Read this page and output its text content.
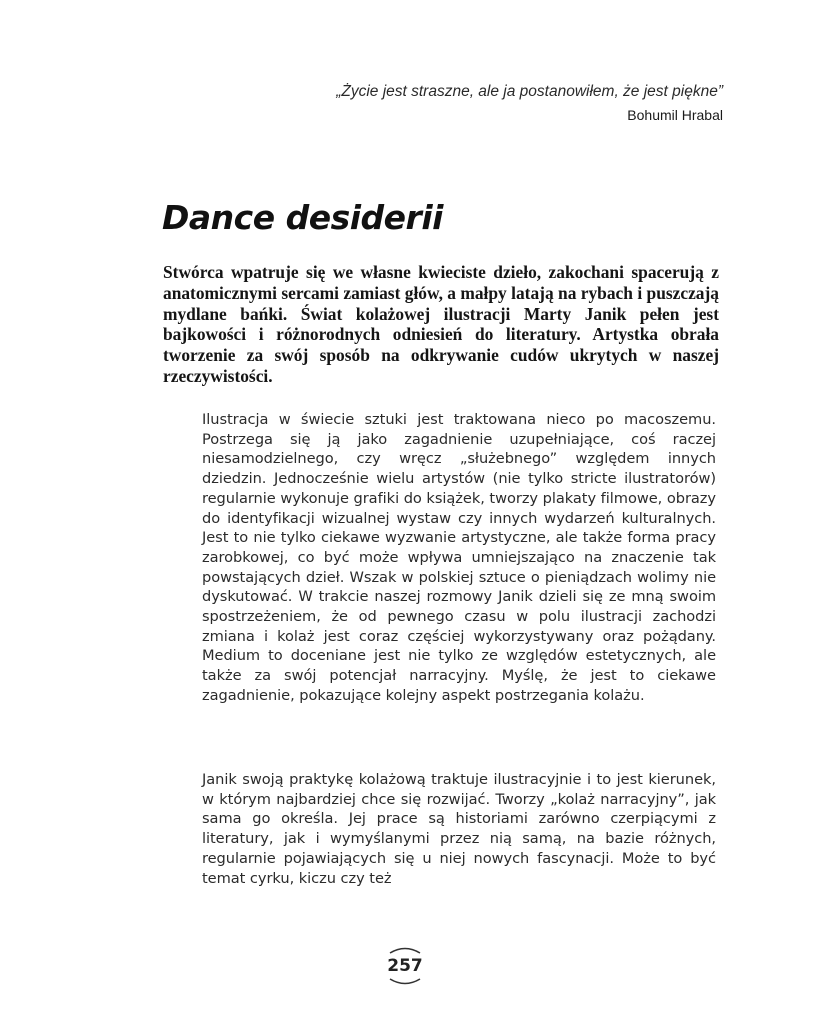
„Życie jest straszne, ale ja postanowiłem, że jest piękne”

Bohumil Hrabal

Dance desiderii

Stwórca wpatruje się we własne kwieciste dzieło, zakochani spacerują z anatomicznymi sercami zamiast głów, a małpy latają na rybach i puszczają mydlane bańki. Świat kolażowej ilustracji Marty Janik pełen jest bajkowości i różnorodnych odniesień do literatury. Artystka obrała tworzenie za swój sposób na odkrywanie cudów ukrytych w naszej rzeczywistości.

Ilustracja w świecie sztuki jest traktowana nieco po macoszemu. Postrzega się ją jako zagadnienie uzupełniające, coś raczej niesamodzielnego, czy wręcz „służebnego” względem innych dziedzin. Jednocześnie wielu artystów (nie tylko stricte ilustratorów) regularnie wykonuje grafiki do książek, tworzy plakaty filmowe, obrazy do identyfikacji wizualnej wystaw czy innych wydarzeń kulturalnych. Jest to nie tylko ciekawe wyzwanie artystyczne, ale także forma pracy zarobkowej, co być może wpływa umniejszająco na znaczenie tak powstających dzieł. Wszak w polskiej sztuce o pieniądzach wolimy nie dyskutować. W trakcie naszej rozmowy Janik dzieli się ze mną swoim spostrzeżeniem, że od pewnego czasu w polu ilustracji zachodzi zmiana i kolaż jest coraz częściej wykorzystywany oraz pożądany. Medium to doceniane jest nie tylko ze względów estetycznych, ale także za swój potencjał narracyjny. Myślę, że jest to ciekawe zagadnienie, pokazujące kolejny aspekt postrzegania kolażu.

Janik swoją praktykę kolażową traktuje ilustracyjnie i to jest kierunek, w którym najbardziej chce się rozwijać. Tworzy „kolaż narracyjny”, jak sama go określa. Jej prace są historiami zarówno czerpiącymi z literatury, jak i wymyślanymi przez nią samą, na bazie różnych, regularnie pojawiających się u niej nowych fascynacji. Może to być temat cyrku, kiczu czy też

257
